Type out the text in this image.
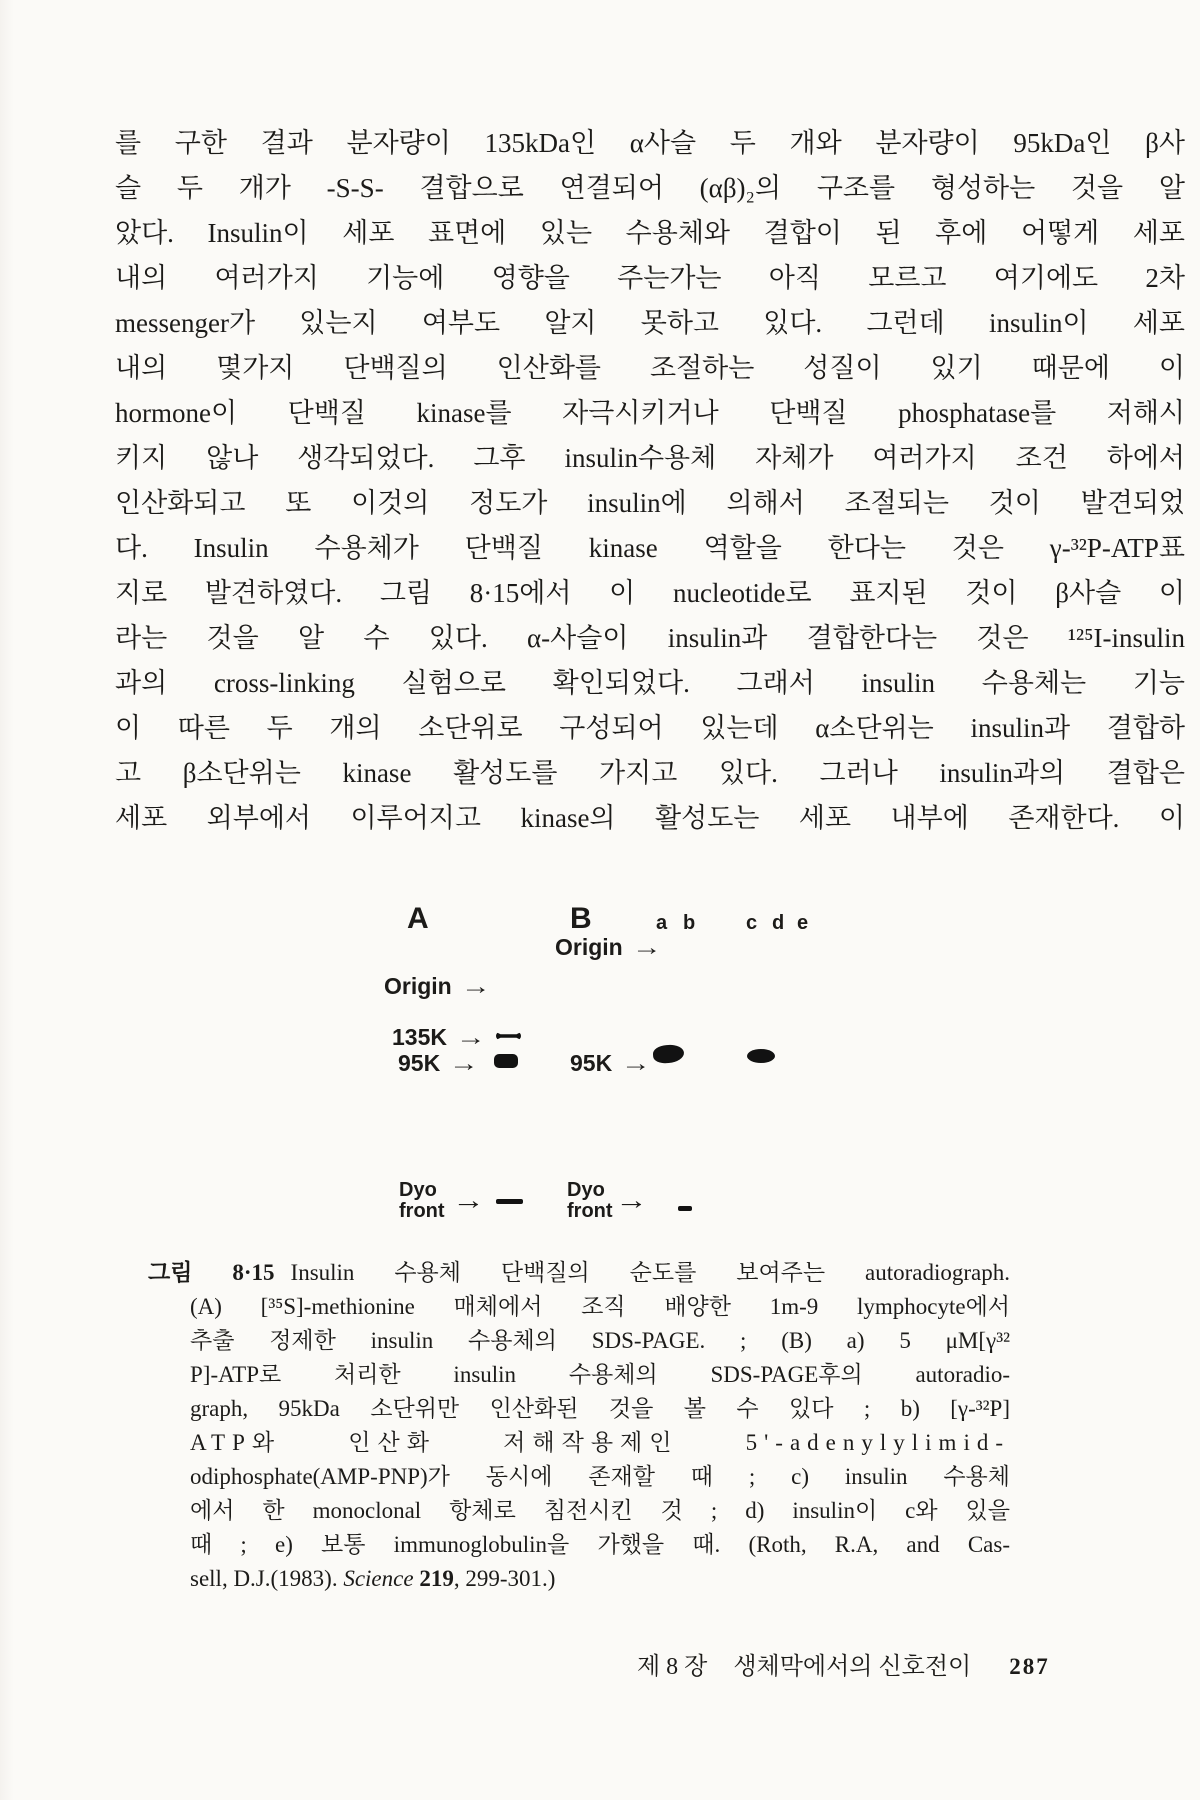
를 구한 결과 분자량이 135kDa인 α사슬 두 개와 분자량이 95kDa인 β사
슬 두 개가 -S-S- 결합으로 연결되어 (αβ)₂의 구조를 형성하는 것을 알
았다. Insulin이 세포 표면에 있는 수용체와 결합이 된 후에 어떻게 세포
내의 여러가지 기능에 영향을 주는가는 아직 모르고 여기에도 2차
messenger가 있는지 여부도 알지 못하고 있다. 그런데 insulin이 세포
내의 몇가지 단백질의 인산화를 조절하는 성질이 있기 때문에 이
hormone이 단백질 kinase를 자극시키거나 단백질 phosphatase를 저해시
키지 않나 생각되었다. 그후 insulin수용체 자체가 여러가지 조건 하에서
인산화되고 또 이것의 정도가 insulin에 의해서 조절되는 것이 발견되었
다. Insulin 수용체가 단백질 kinase 역할을 한다는 것은 γ-³²P-ATP표
지로 발견하였다. 그림 8·15에서 이 nucleotide로 표지된 것이 β사슬 이
라는 것을 알 수 있다. α-사슬이 insulin과 결합한다는 것은 ¹²⁵I-insulin
과의 cross-linking 실험으로 확인되었다. 그래서 insulin 수용체는 기능
이 따른 두 개의 소단위로 구성되어 있는데 α소단위는 insulin과 결합하
고 β소단위는 kinase 활성도를 가지고 있다. 그러나 insulin과의 결합은
세포 외부에서 이루어지고 kinase의 활성도는 세포 내부에 존재한다. 이
A
Origin →
135K →
95K →
Dyo
front →
B	a b	c d e
Origin →
95K →
Dyo
front →
그림 8·15 Insulin 수용체 단백질의 순도를 보여주는 autoradiograph.
(A) [³⁵S]-methionine 매체에서 조직 배양한 1m-9 lymphocyte에서
추출 정제한 insulin 수용체의 SDS-PAGE. ; (B) a) 5 μM[γ³²
P]-ATP로 처리한 insulin 수용체의 SDS-PAGE후의 autoradio-
graph, 95kDa 소단위만 인산화된 것을 볼 수 있다 ; b) [γ-³²P]
ATP와 인산화 저해작용제인 5'-adenylylimid-
odiphosphate(AMP-PNP)가 동시에 존재할 때 ; c) insulin 수용체
에서 한 monoclonal 항체로 침전시킨 것 ; d) insulin이 c와 있을
때 ; e) 보통 immunoglobulin을 가했을 때. (Roth, R.A, and Cas-
sell, D.J.(1983). Science 219, 299-301.)
제 8 장 생체막에서의 신호전이 287
